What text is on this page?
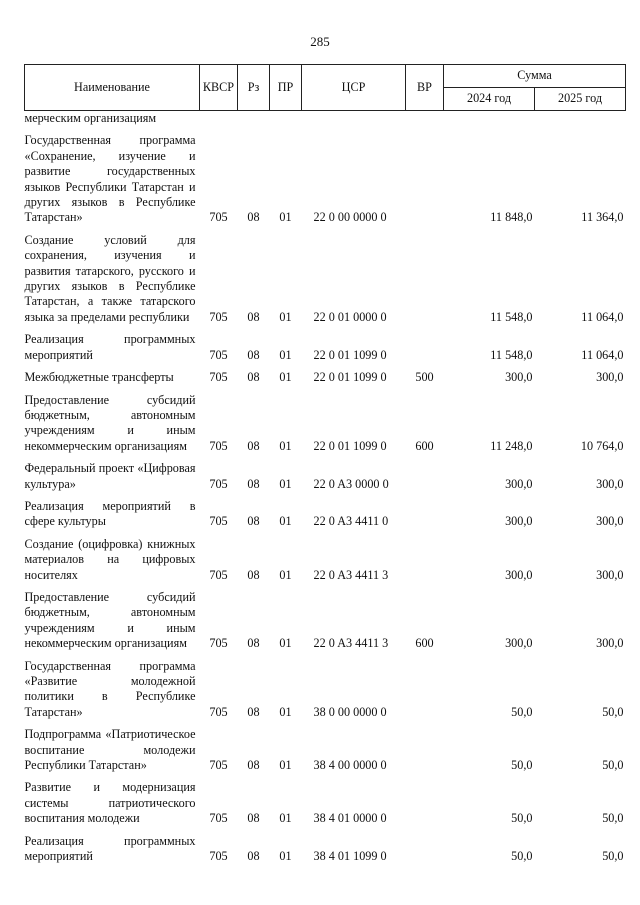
285
Наименование	КВСР	Рз	ПР	ЦСР	ВР	Сумма	
						2024 год	2025 год
мерческим организациям							
Государственная программа «Сохранение, изучение и развитие государственных языков Республики Татарстан и других языков в Республике Татарстан»	705	08	01	22 0 00 0000 0		11 848,0	11 364,0
Создание условий для сохранения, изучения и развития татарского, русского и других языков в Республике Татарстан, а также татарского языка за пределами республики	705	08	01	22 0 01 0000 0		11 548,0	11 064,0
Реализация программных мероприятий	705	08	01	22 0 01 1099 0		11 548,0	11 064,0
Межбюджетные трансферты	705	08	01	22 0 01 1099 0	500	300,0	300,0
Предоставление субсидий бюджетным, автономным учреждениям и иным некоммерческим организациям	705	08	01	22 0 01 1099 0	600	11 248,0	10 764,0
Федеральный проект «Цифровая культура»	705	08	01	22 0 A3 0000 0		300,0	300,0
Реализация мероприятий в сфере культуры	705	08	01	22 0 A3 4411 0		300,0	300,0
Создание (оцифровка) книжных материалов на цифровых носителях	705	08	01	22 0 A3 4411 3		300,0	300,0
Предоставление субсидий бюджетным, автономным учреждениям и иным некоммерческим организациям	705	08	01	22 0 A3 4411 3	600	300,0	300,0
Государственная программа «Развитие молодежной политики в Республике Татарстан»	705	08	01	38 0 00 0000 0		50,0	50,0
Подпрограмма «Патриотическое воспитание молодежи Республики Татарстан»	705	08	01	38 4 00 0000 0		50,0	50,0
Развитие и модернизация системы патриотического воспитания молодежи	705	08	01	38 4 01 0000 0		50,0	50,0
Реализация программных мероприятий	705	08	01	38 4 01 1099 0		50,0	50,0
